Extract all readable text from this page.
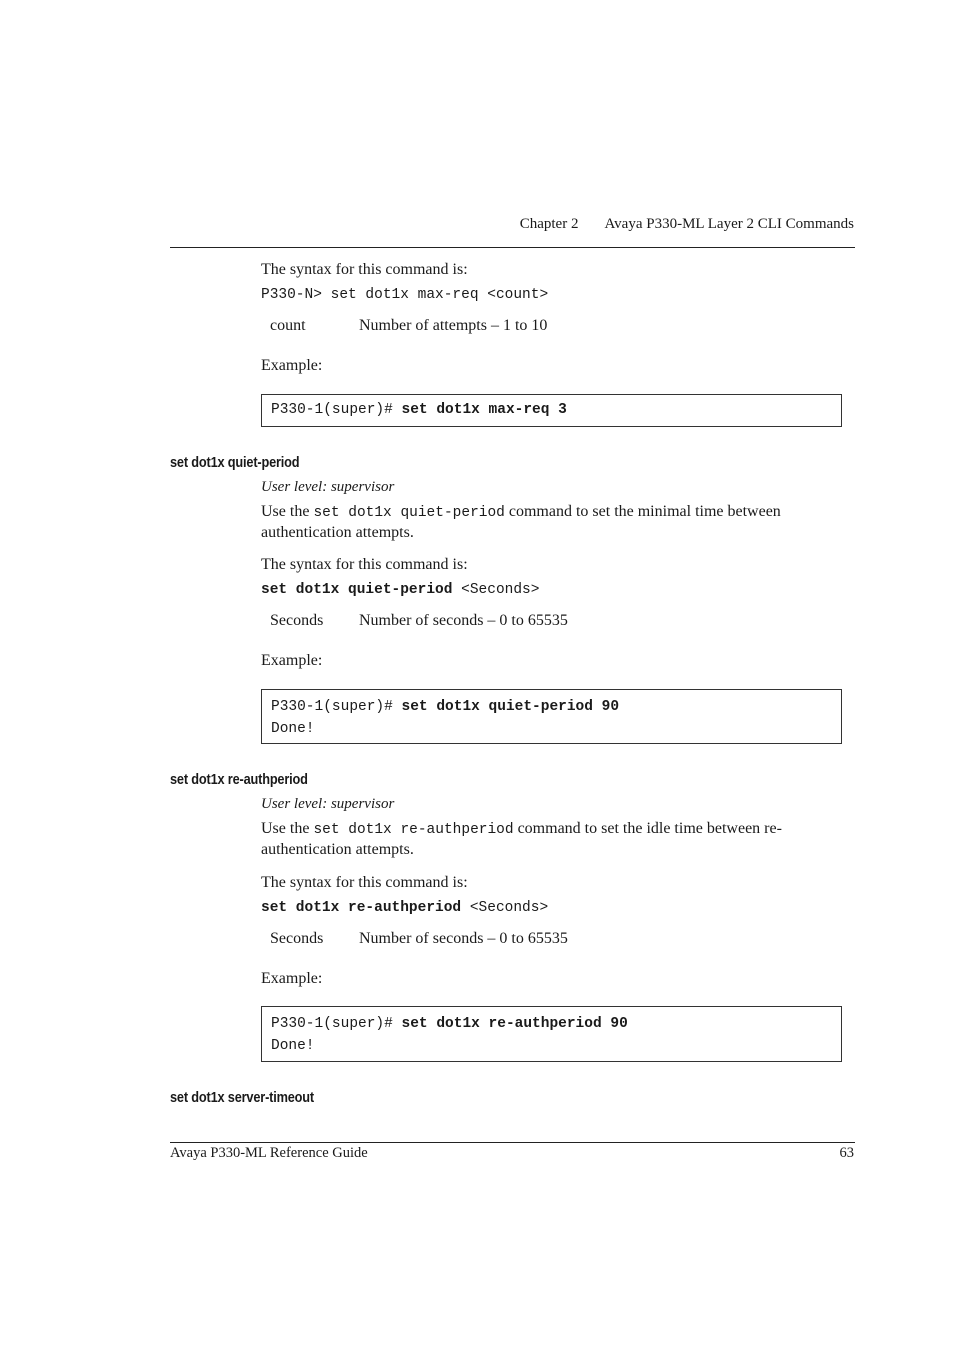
Chapter 2 Avaya P330-ML Layer 2 CLI Commands
The syntax for this command is:
P330-N> set dot1x max-req <count>
count	Number of attempts – 1 to 10
Example:
P330-1(super)# set dot1x max-req 3
set dot1x quiet-period
User level: supervisor
Use the set dot1x quiet-period command to set the minimal time between authentication attempts.
The syntax for this command is:
set dot1x quiet-period <Seconds>
Seconds Number of seconds – 0 to 65535
Example:
P330-1(super)# set dot1x quiet-period 90
Done!
set dot1x re-authperiod
User level: supervisor
Use the set dot1x re-authperiod command to set the idle time between re-authentication attempts.
The syntax for this command is:
set dot1x re-authperiod <Seconds>
Seconds Number of seconds – 0 to 65535
Example:
P330-1(super)# set dot1x re-authperiod 90
Done!
set dot1x server-timeout
Avaya P330-ML Reference Guide	63
